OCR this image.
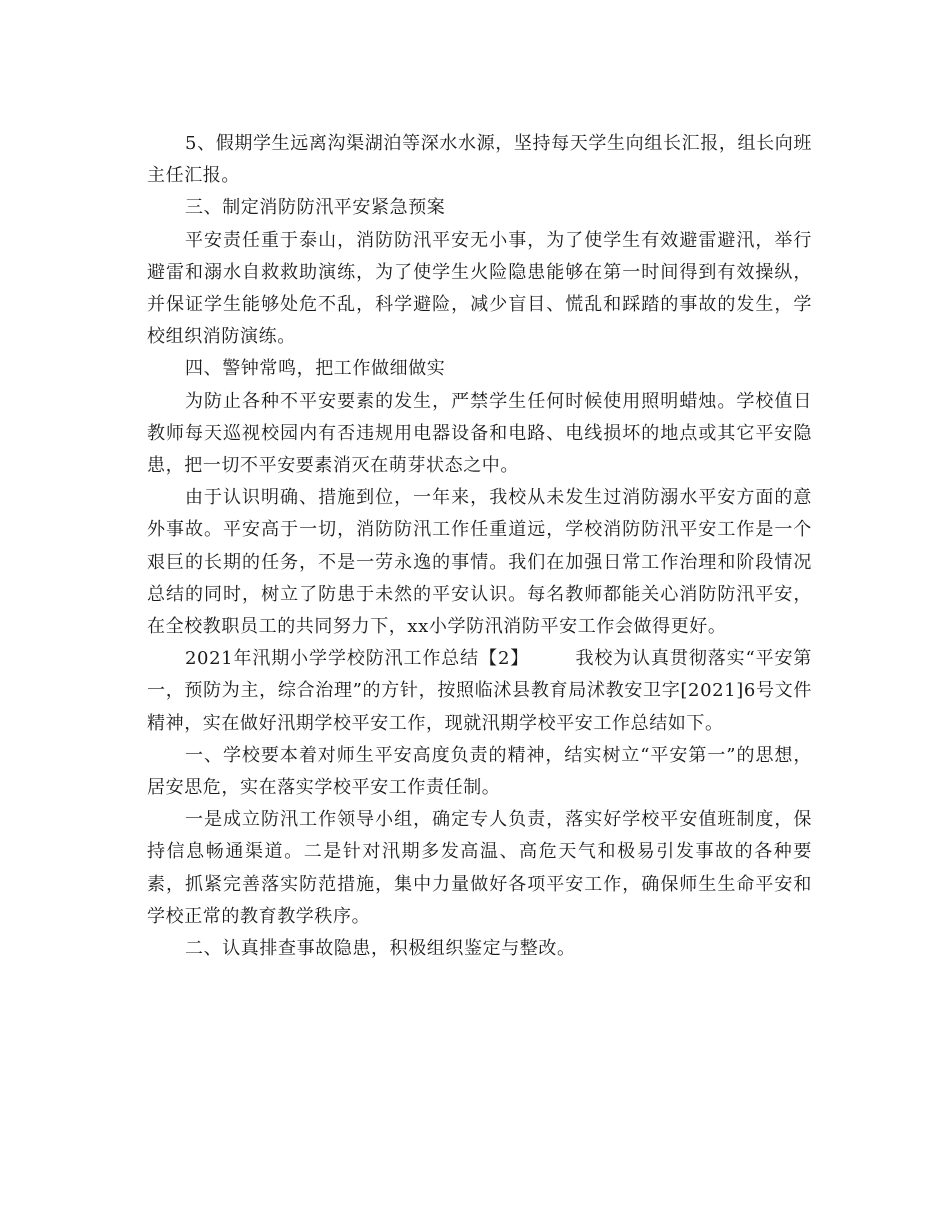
5、假期学生远离沟渠湖泊等深水水源，坚持每天学生向组长汇报，组长向班主任汇报。

三、制定消防防汛平安紧急预案

平安责任重于泰山，消防防汛平安无小事，为了使学生有效避雷避汛，举行避雷和溺水自救救助演练，为了使学生火险隐患能够在第一时间得到有效操纵，并保证学生能够处危不乱，科学避险，减少盲目、慌乱和踩踏的事故的发生，学校组织消防演练。

四、警钟常鸣，把工作做细做实

为防止各种不平安要素的发生，严禁学生任何时候使用照明蜡烛。学校值日教师每天巡视校园内有否违规用电器设备和电路、电线损坏的地点或其它平安隐患，把一切不平安要素消灭在萌芽状态之中。

由于认识明确、措施到位，一年来，我校从未发生过消防溺水平安方面的意外事故。平安高于一切，消防防汛工作任重道远，学校消防防汛平安工作是一个艰巨的长期的任务，不是一劳永逸的事情。我们在加强日常工作治理和阶段情况总结的同时，树立了防患于未然的平安认识。每名教师都能关心消防防汛平安，在全校教职员工的共同努力下，xx小学防汛消防平安工作会做得更好。

2021年汛期小学学校防汛工作总结【2】	我校为认真贯彻落实“平安第一，预防为主，综合治理”的方针，按照临沭县教育局沭教安卫字[2021]6号文件精神，实在做好汛期学校平安工作，现就汛期学校平安工作总结如下。

一、学校要本着对师生平安高度负责的精神，结实树立“平安第一”的思想，居安思危，实在落实学校平安工作责任制。

一是成立防汛工作领导小组，确定专人负责，落实好学校平安值班制度，保持信息畅通渠道。二是针对汛期多发高温、高危天气和极易引发事故的各种要素，抓紧完善落实防范措施，集中力量做好各项平安工作，确保师生生命平安和学校正常的教育教学秩序。

二、认真排查事故隐患，积极组织鉴定与整改。
